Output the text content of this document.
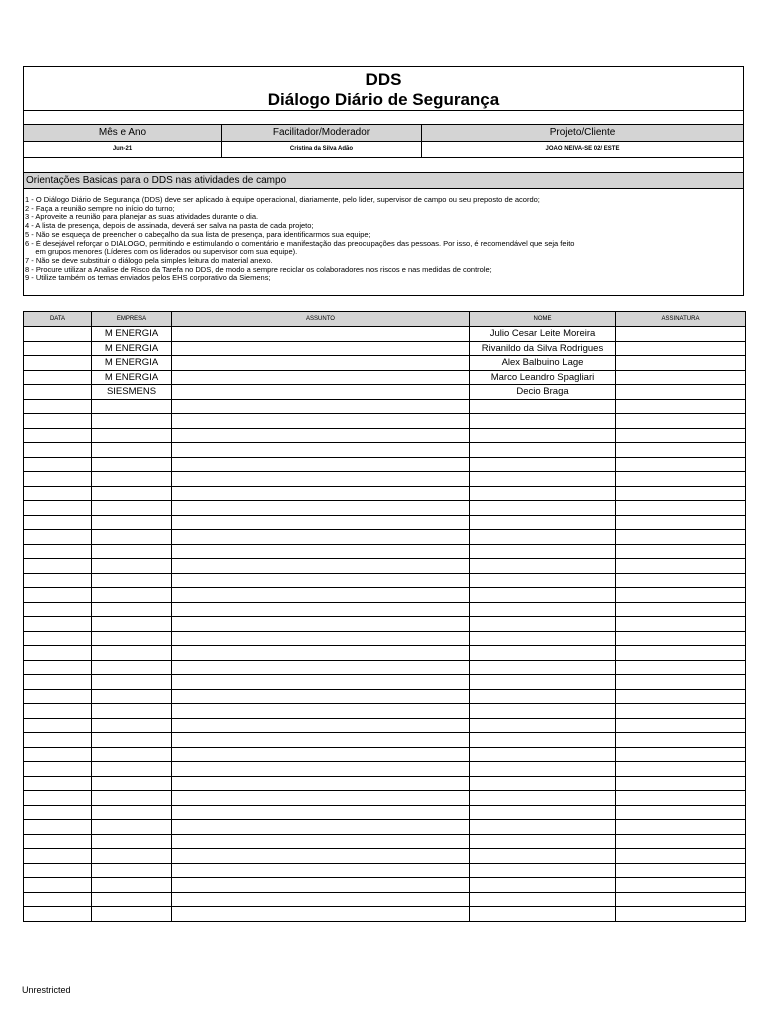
DDS
Diálogo Diário de Segurança
Mês e Ano	Facilitador/Moderador	Projeto/Cliente
Jun-21	Cristina da Silva Adão	JOAO NEIVA-SE 02/ ESTE
Orientações Basicas para o DDS nas atividades de campo
1 - O Diálogo Diário de Segurança (DDS) deve ser aplicado à equipe operacional, diariamente, pelo lider, supervisor de campo ou seu preposto de acordo;
2 - Faça a reunião sempre no início do turno;
3 - Aproveite a reunião para planejar as suas atividades durante o dia.
4 - A lista de presença, depois de assinada, deverá ser salva na pasta de cada projeto;
5 - Não se esqueça de preencher o cabeçalho da sua lista de presença, para identificarmos sua equipe;
6 - É desejável reforçar o DIÁLOGO, permitindo e estimulando o comentário e manifestação das preocupações das pessoas. Por isso, é recomendável que seja feito
em grupos menores (Líderes com os liderados ou supervisor com sua equipe).
7 - Não se deve substituir o diálogo pela simples leitura do material anexo.
8 - Procure utilizar a Analise de Risco da Tarefa no DDS, de modo a sempre reciclar os colaboradores nos riscos e nas medidas de controle;
9 - Utilize também os temas enviados pelos EHS corporativo da Siemens;
DATA	EMPRESA	ASSUNTO	NOME	ASSINATURA
	M ENERGIA		Julio Cesar Leite Moreira	
	M ENERGIA		Rivanildo da Silva Rodrigues	
	M ENERGIA		Alex Balbuino Lage	
	M ENERGIA		Marco Leandro Spagliari	
	SIESMENS		Decio Braga	

Unrestricted
